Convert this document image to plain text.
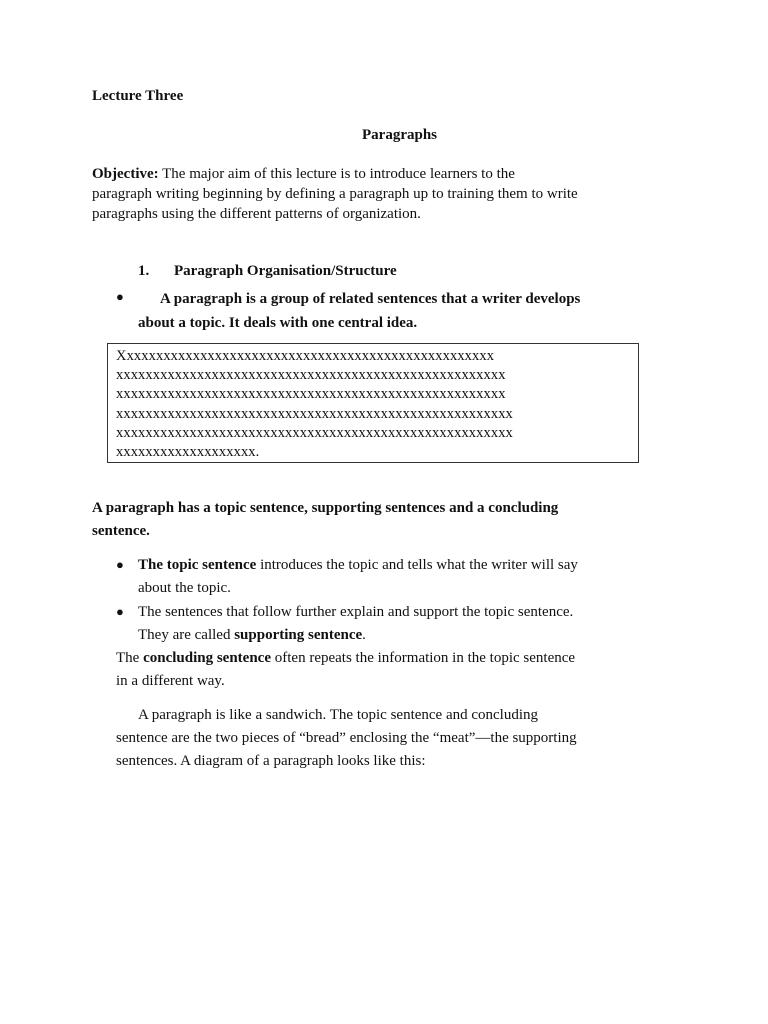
Lecture Three
Paragraphs
Objective: The major aim of this lecture is to introduce learners to the
paragraph writing beginning by defining a paragraph up to training them to write
paragraphs using the different patterns of organization.
1. Paragraph Organisation/Structure
●	A paragraph is a group of related sentences that a writer develops
about a topic. It deals with one central idea.
Xxxxxxxxxxxxxxxxxxxxxxxxxxxxxxxxxxxxxxxxxxxxxxxxxxx
xxxxxxxxxxxxxxxxxxxxxxxxxxxxxxxxxxxxxxxxxxxxxxxxxxxxx
xxxxxxxxxxxxxxxxxxxxxxxxxxxxxxxxxxxxxxxxxxxxxxxxxxxxx
xxxxxxxxxxxxxxxxxxxxxxxxxxxxxxxxxxxxxxxxxxxxxxxxxxxxxx
xxxxxxxxxxxxxxxxxxxxxxxxxxxxxxxxxxxxxxxxxxxxxxxxxxxxxx
xxxxxxxxxxxxxxxxxxx.
A paragraph has a topic sentence, supporting sentences and a concluding
sentence.
● The topic sentence introduces the topic and tells what the writer will say
about the topic.
● The sentences that follow further explain and support the topic sentence.
They are called supporting sentence.
The concluding sentence often repeats the information in the topic sentence
in a different way.
A paragraph is like a sandwich. The topic sentence and concluding
sentence are the two pieces of “bread” enclosing the “meat”—the supporting
sentences. A diagram of a paragraph looks like this:
